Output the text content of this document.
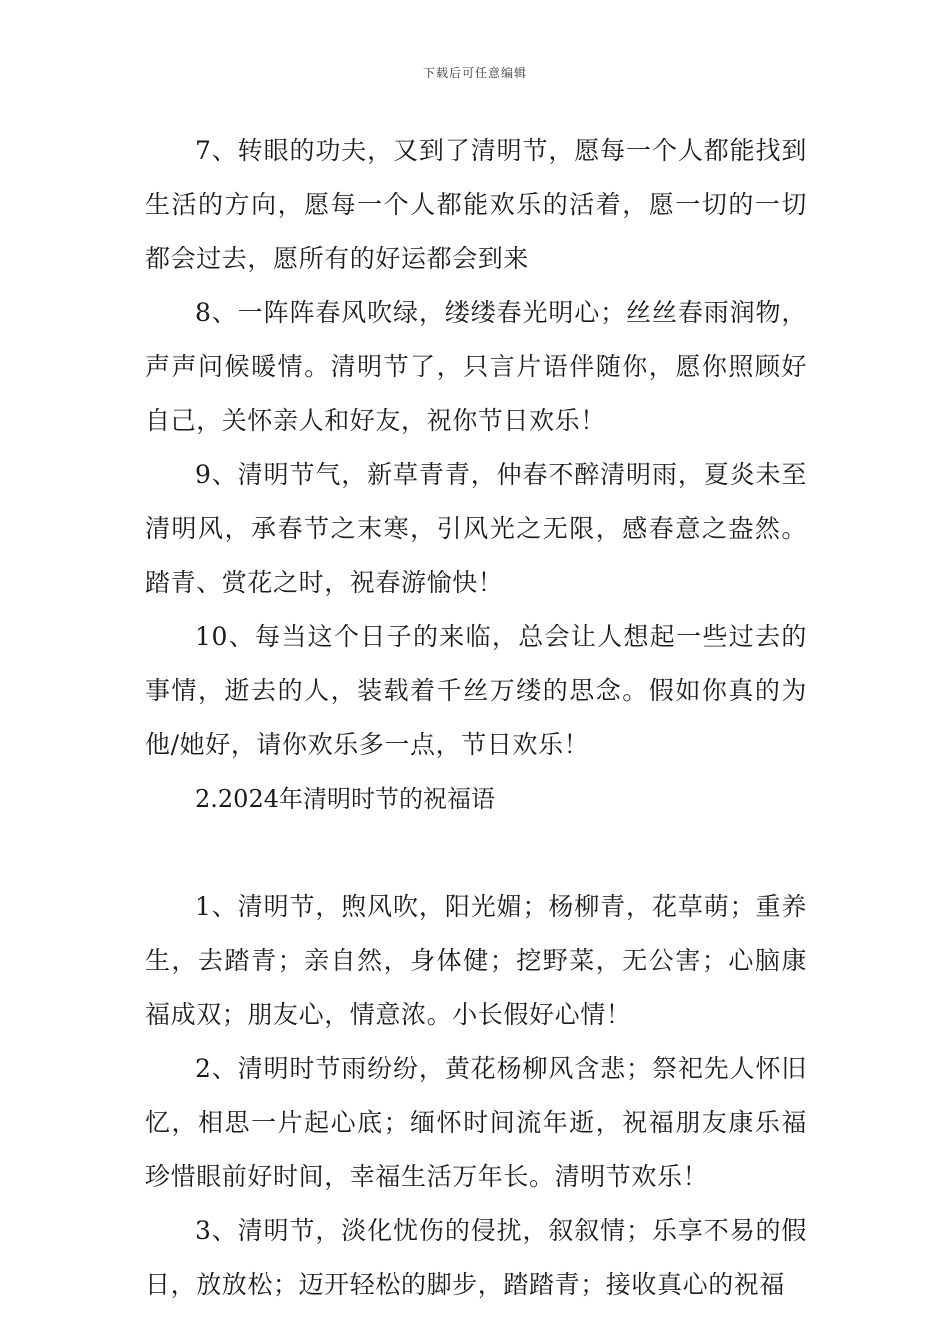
下载后可任意编辑

7、转眼的功夫，又到了清明节，愿每一个人都能找到生活的方向，愿每一个人都能欢乐的活着，愿一切的一切都会过去，愿所有的好运都会到来

8、一阵阵春风吹绿，缕缕春光明心；丝丝春雨润物，声声问候暖情。清明节了，只言片语伴随你，愿你照顾好自己，关怀亲人和好友，祝你节日欢乐！

9、清明节气，新草青青，仲春不醉清明雨，夏炎未至清明风，承春节之末寒，引风光之无限，感春意之盎然。踏青、赏花之时，祝春游愉快！

10、每当这个日子的来临，总会让人想起一些过去的事情，逝去的人，装载着千丝万缕的思念。假如你真的为他/她好，请你欢乐多一点，节日欢乐！

2.2024年清明时节的祝福语

1、清明节，煦风吹，阳光媚；杨柳青，花草萌；重养生，去踏青；亲自然，身体健；挖野菜，无公害；心脑康福成双；朋友心，情意浓。小长假好心情！

2、清明时节雨纷纷，黄花杨柳风含悲；祭祀先人怀旧忆，相思一片起心底；缅怀时间流年逝，祝福朋友康乐福珍惜眼前好时间，幸福生活万年长。清明节欢乐！

3、清明节，淡化忧伤的侵扰，叙叙情；乐享不易的假日，放放松；迈开轻松的脚步，踏踏青；接收真心的祝福
